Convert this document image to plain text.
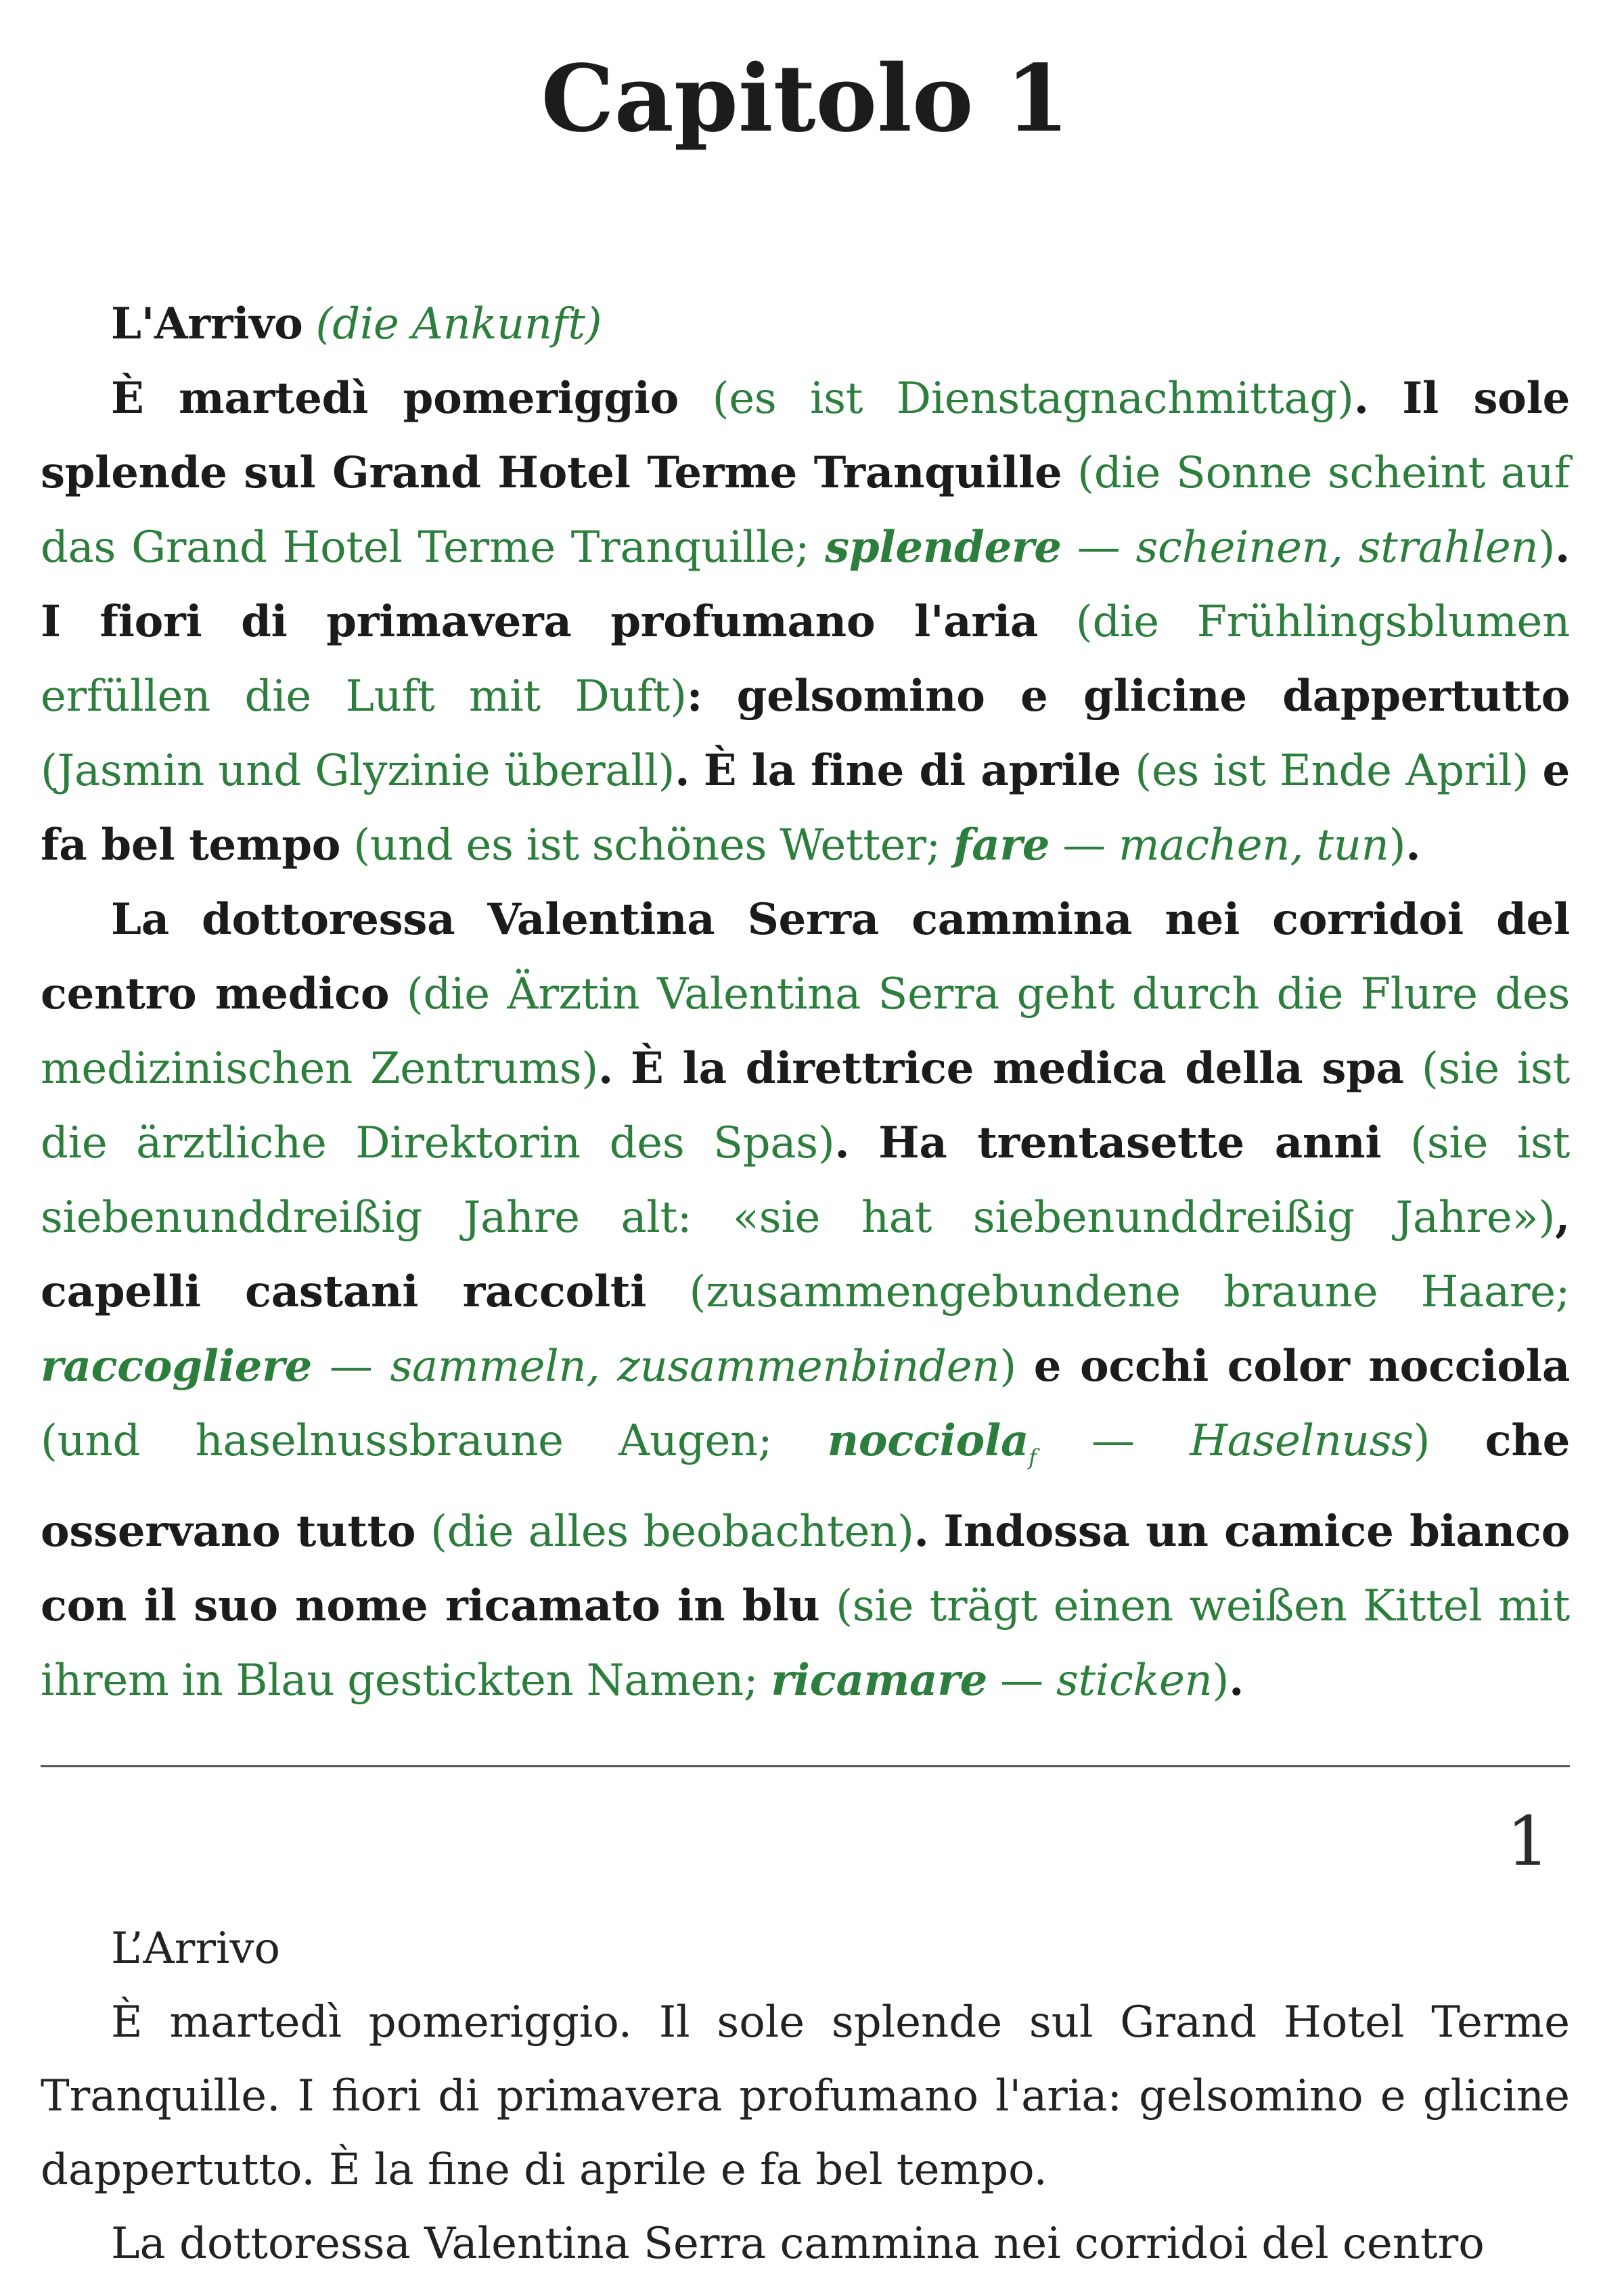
Capitolo 1

L'Arrivo (die Ankunft)

È martedì pomeriggio (es ist Dienstagnachmittag). Il sole splende sul Grand Hotel Terme Tranquille (die Sonne scheint auf das Grand Hotel Terme Tranquille; splendere — scheinen, strahlen). I fiori di primavera profumano l'aria (die Frühlingsblumen erfüllen die Luft mit Duft): gelsomino e glicine dappertutto (Jasmin und Glyzinie überall). È la fine di aprile (es ist Ende April) e fa bel tempo (und es ist schönes Wetter; fare — machen, tun).

La dottoressa Valentina Serra cammina nei corridoi del centro medico (die Ärztin Valentina Serra geht durch die Flure des medizinischen Zentrums). È la direttrice medica della spa (sie ist die ärztliche Direktorin des Spas). Ha trentasette anni (sie ist siebenunddreißig Jahre alt: «sie hat siebenunddreißig Jahre»), capelli castani raccolti (zusammengebundene braune Haare; raccogliere — sammeln, zusammenbinden) e occhi color nocciola (und haselnussbraune Augen; nocciola$_f$ — Haselnuss) che osservano tutto (die alles beobachten). Indossa un camice bianco con il suo nome ricamato in blu (sie trägt einen weißen Kittel mit ihrem in Blau gestickten Namen; ricamare — sticken).

1

L’Arrivo

È martedì pomeriggio. Il sole splende sul Grand Hotel Terme Tranquille. I fiori di primavera profumano l'aria: gelsomino e glicine dappertutto. È la fine di aprile e fa bel tempo.

La dottoressa Valentina Serra cammina nei corridoi del centro
